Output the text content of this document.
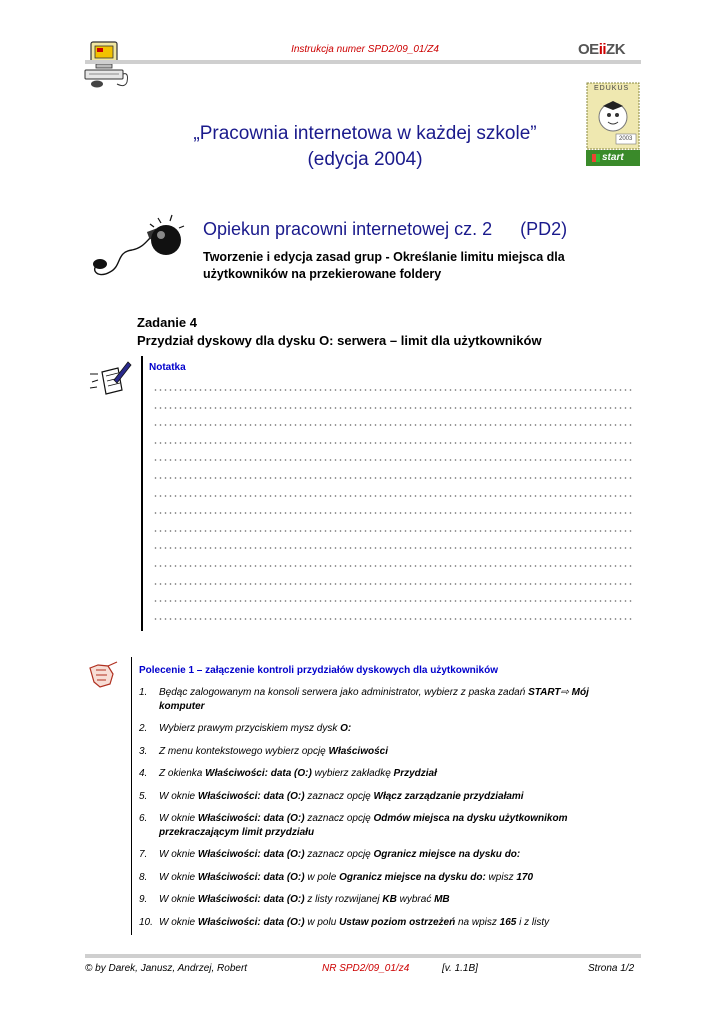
Instrukcja numer SPD2/09_01/Z4	OEiiZK
EDUKUS
2003
start
„Pracownia internetowa w każdej szkole”
(edycja 2004)
Opiekun pracowni internetowej cz. 2 (PD2)
Tworzenie i edycja zasad grup - Określanie limitu miejsca dla użytkowników na przekierowane foldery
Zadanie 4
Przydział dyskowy dla dysku O: serwera – limit dla użytkowników
Notatka
Polecenie 1 – załączenie kontroli przydziałów dyskowych dla użytkowników
1. Będąc zalogowanym na konsoli serwera jako administrator, wybierz z paska zadań START⇨ Mój komputer
2. Wybierz prawym przyciskiem mysz dysk O:
3. Z menu kontekstowego wybierz opcję Właściwości
4. Z okienka Właściwości: data (O:) wybierz zakładkę Przydział
5. W oknie Właściwości: data (O:) zaznacz opcję Włącz zarządzanie przydziałami
6. W oknie Właściwości: data (O:) zaznacz opcję Odmów miejsca na dysku użytkownikom przekraczającym limit przydziału
7. W oknie Właściwości: data (O:) zaznacz opcję Ogranicz miejsce na dysku do:
8. W oknie Właściwości: data (O:) w pole Ogranicz miejsce na dysku do: wpisz 170
9. W oknie Właściwości: data (O:) z listy rozwijanej KB wybrać MB
10. W oknie Właściwości: data (O:) w polu Ustaw poziom ostrzeżeń na wpisz 165 i z listy
© by Darek, Janusz, Andrzej, Robert	NR SPD2/09_01/z4	[v. 1.1B]	Strona 1/2
